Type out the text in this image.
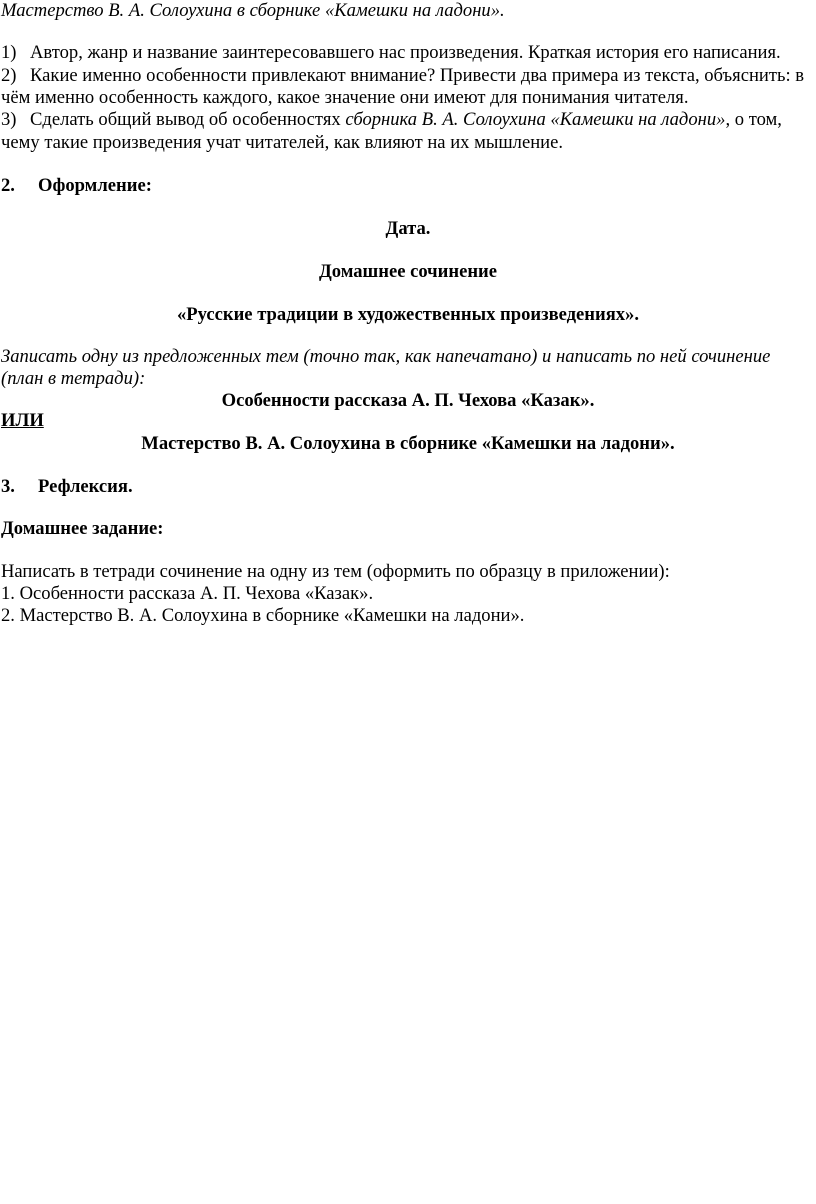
Мастерство В. А. Солоухина в сборнике «Камешки на ладони».
1) Автор, жанр и название заинтересовавшего нас произведения. Краткая история его написания.
2) Какие именно особенности привлекают внимание? Привести два примера из текста, объяснить: в
чём именно особенность каждого, какое значение они имеют для понимания читателя.
3) Сделать общий вывод об особенностях сборника В. А. Солоухина «Камешки на ладони», о том,
чему такие произведения учат читателей, как влияют на их мышление.
2. Оформление:
Дата.
Домашнее сочинение
«Русские традиции в художественных произведениях».
Записать одну из предложенных тем (точно так, как напечатано) и написать по ней сочинение
(план в тетради):
Особенности рассказа А. П. Чехова «Казак».
ИЛИ
Мастерство В. А. Солоухина в сборнике «Камешки на ладони».
3. Рефлексия.
Домашнее задание:
Написать в тетради сочинение на одну из тем (оформить по образцу в приложении):
1. Особенности рассказа А. П. Чехова «Казак».
2. Мастерство В. А. Солоухина в сборнике «Камешки на ладони».
